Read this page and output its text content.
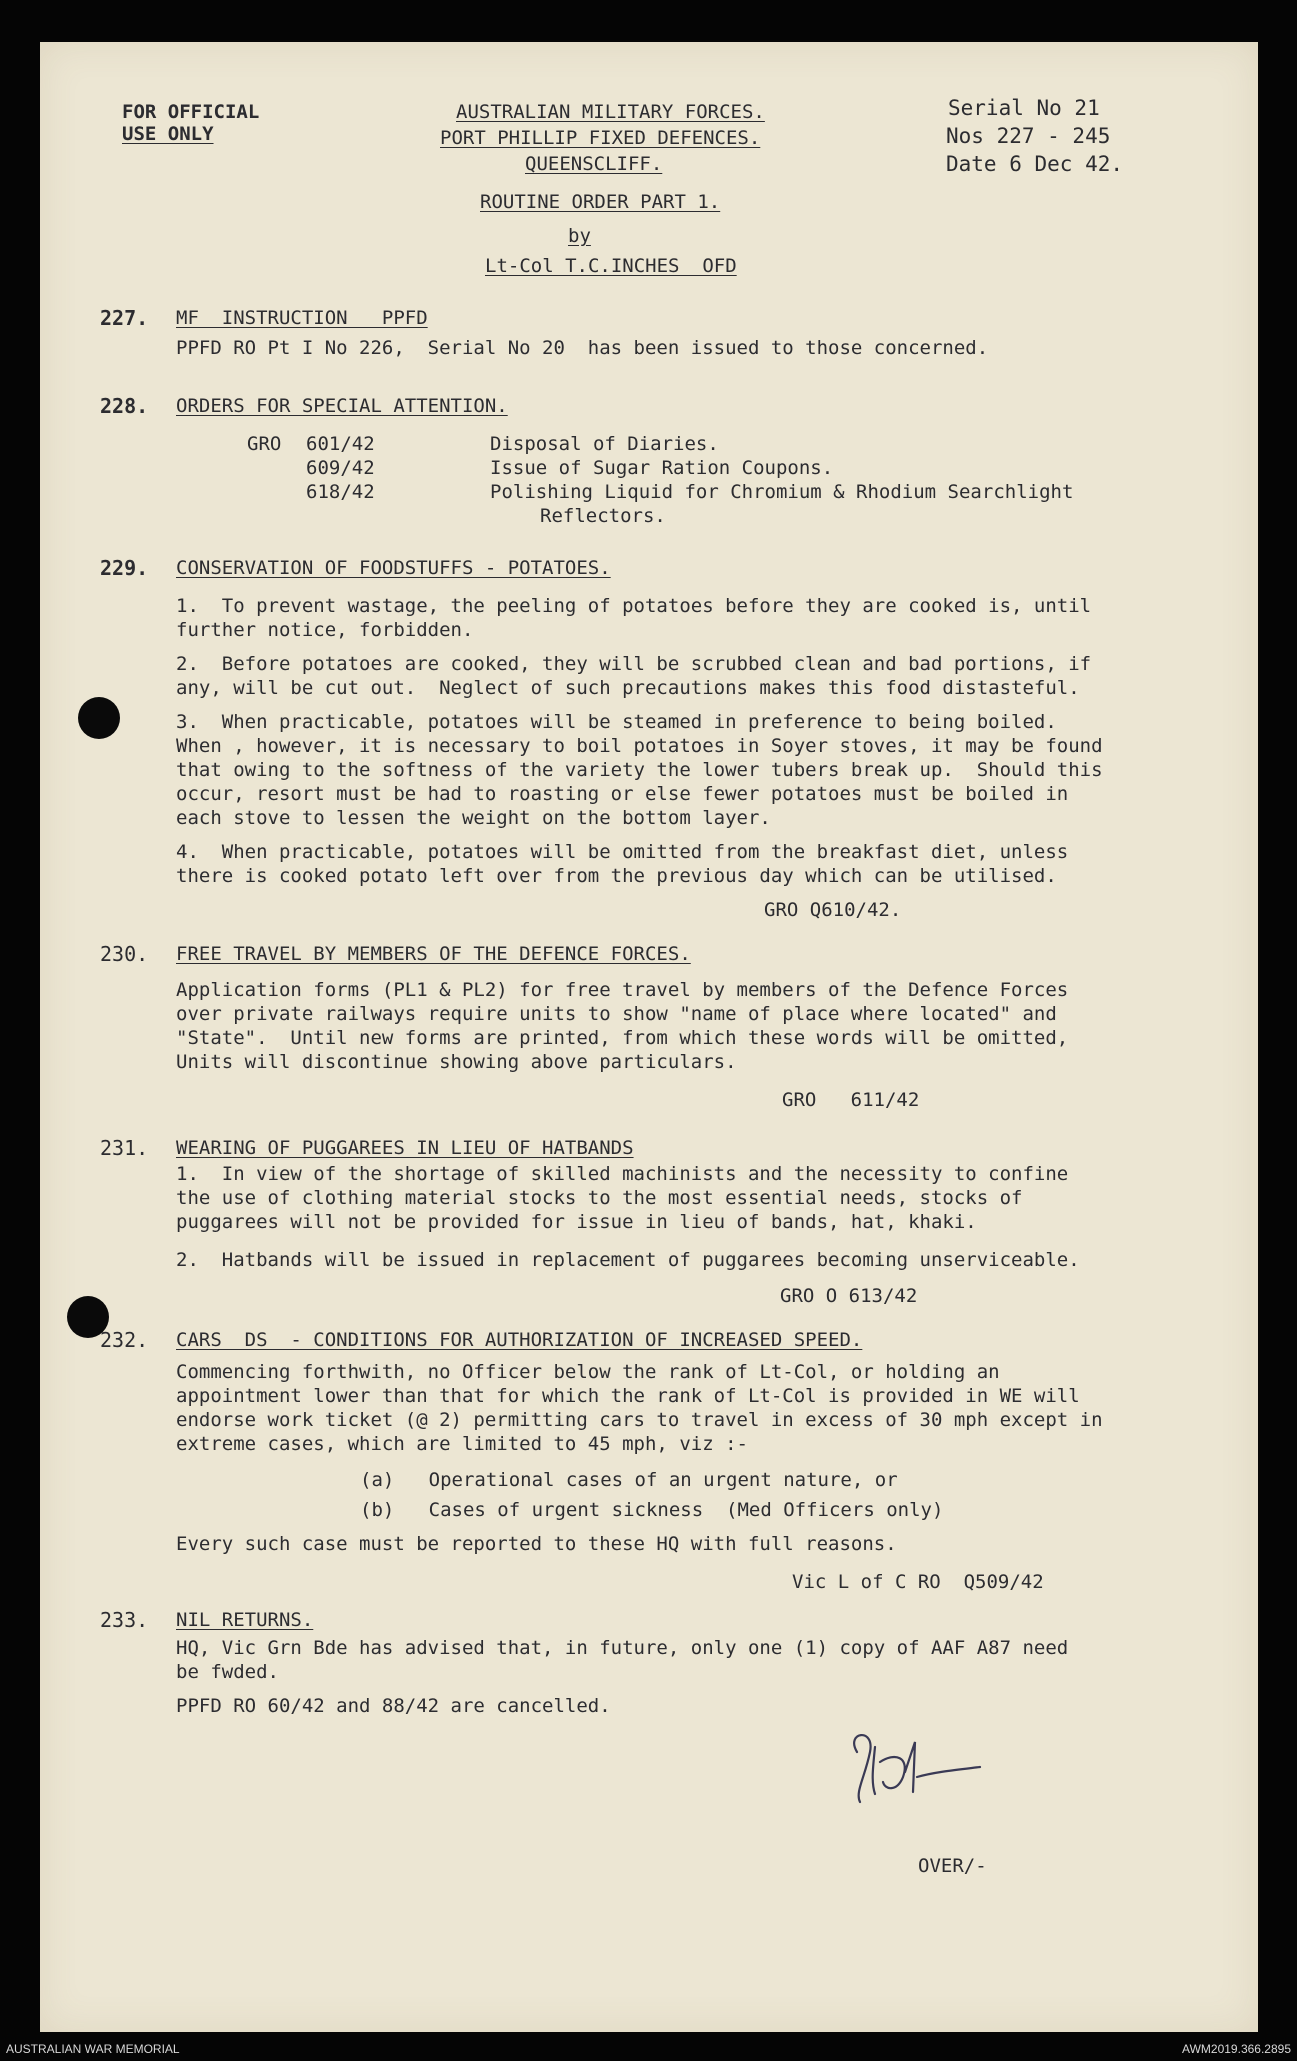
FOR OFFICIAL
USE ONLY
AUSTRALIAN MILITARY FORCES.
PORT PHILLIP FIXED DEFENCES.
QUEENSCLIFF.
ROUTINE ORDER PART 1.
by
Lt-Col T.C.INCHES  OFD
Serial No 21
Nos 227 - 245
Date 6 Dec 42.
227. MF  INSTRUCTION   PPFD
PPFD RO Pt I No 226,  Serial No 20  has been issued to those concerned.
228. ORDERS FOR SPECIAL ATTENTION.
GRO 601/42	Disposal of Diaries.
609/42	Issue of Sugar Ration Coupons.
618/42	Polishing Liquid for Chromium & Rhodium Searchlight
Reflectors.
229. CONSERVATION OF FOODSTUFFS - POTATOES.
1.  To prevent wastage, the peeling of potatoes before they are cooked is, until
further notice, forbidden.
2.  Before potatoes are cooked, they will be scrubbed clean and bad portions, if
any, will be cut out.  Neglect of such precautions makes this food distasteful.
3.  When practicable, potatoes will be steamed in preference to being boiled.
When , however, it is necessary to boil potatoes in Soyer stoves, it may be found
that owing to the softness of the variety the lower tubers break up.  Should this
occur, resort must be had to roasting or else fewer potatoes must be boiled in
each stove to lessen the weight on the bottom layer.
4.  When practicable, potatoes will be omitted from the breakfast diet, unless
there is cooked potato left over from the previous day which can be utilised.
GRO Q610/42.
230. FREE TRAVEL BY MEMBERS OF THE DEFENCE FORCES.
Application forms (PL1 & PL2) for free travel by members of the Defence Forces
over private railways require units to show "name of place where located" and
"State".  Until new forms are printed, from which these words will be omitted,
Units will discontinue showing above particulars.
GRO   611/42
231. WEARING OF PUGGAREES IN LIEU OF HATBANDS
1.  In view of the shortage of skilled machinists and the necessity to confine
the use of clothing material stocks to the most essential needs, stocks of
puggarees will not be provided for issue in lieu of bands, hat, khaki.
2.  Hatbands will be issued in replacement of puggarees becoming unserviceable.
GRO O 613/42
232. CARS  DS  - CONDITIONS FOR AUTHORIZATION OF INCREASED SPEED.
Commencing forthwith, no Officer below the rank of Lt-Col, or holding an
appointment lower than that for which the rank of Lt-Col is provided in WE will
endorse work ticket (@ 2) permitting cars to travel in excess of 30 mph except in
extreme cases, which are limited to 45 mph, viz :-
(a)   Operational cases of an urgent nature, or
(b)   Cases of urgent sickness  (Med Officers only)
Every such case must be reported to these HQ with full reasons.
Vic L of C RO  Q509/42
233. NIL RETURNS.
HQ, Vic Grn Bde has advised that, in future, only one (1) copy of AAF A87 need
be fwded.
PPFD RO 60/42 and 88/42 are cancelled.
OVER/-
AUSTRALIAN WAR MEMORIAL	AWM2019.366.2895
